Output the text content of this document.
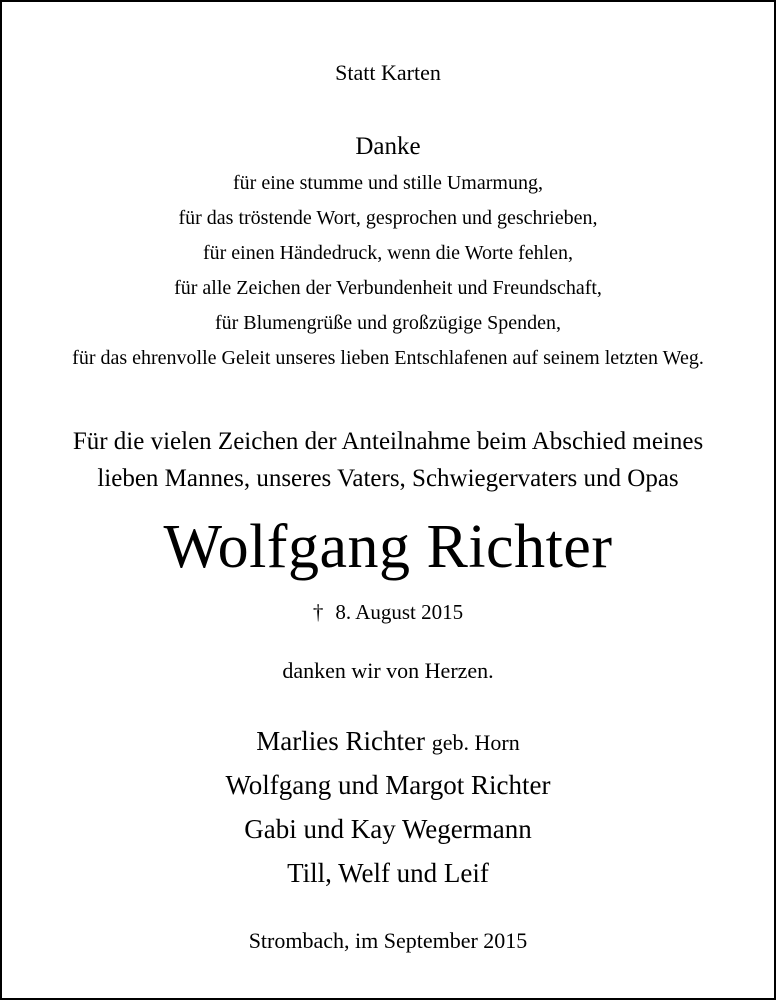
Statt Karten
Danke
für eine stumme und stille Umarmung,
für das tröstende Wort, gesprochen und geschrieben,
für einen Händedruck, wenn die Worte fehlen,
für alle Zeichen der Verbundenheit und Freundschaft,
für Blumengrüße und großzügige Spenden,
für das ehrenvolle Geleit unseres lieben Entschlafenen auf seinem letzten Weg.
Für die vielen Zeichen der Anteilnahme beim Abschied meines
lieben Mannes, unseres Vaters, Schwiegervaters und Opas
Wolfgang Richter
† 8. August 2015
danken wir von Herzen.
Marlies Richter geb. Horn
Wolfgang und Margot Richter
Gabi und Kay Wegermann
Till, Welf und Leif
Strombach, im September 2015
